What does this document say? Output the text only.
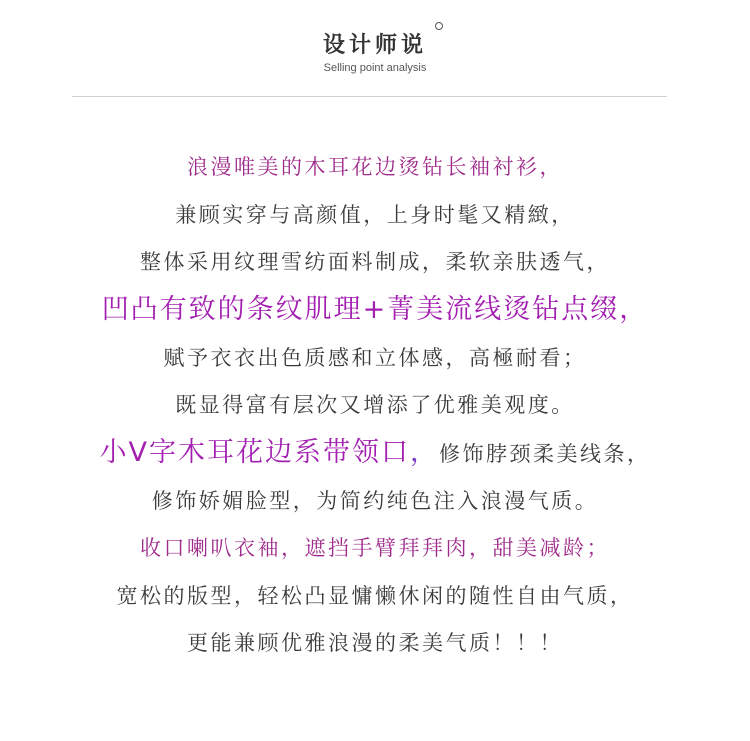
设计师说
Selling point analysis
浪漫唯美的木耳花边烫钻长袖衬衫，
兼顾实穿与高颜值，上身时髦又精緻，
整体采用纹理雪纺面料制成，柔软亲肤透气，
凹凸有致的条纹肌理+菁美流线烫钻点缀，
赋予衣衣出色质感和立体感，高極耐看；
既显得富有层次又增添了优雅美观度。
小V字木耳花边系带领口，修饰脖颈柔美线条，
修饰娇媚脸型，为简约纯色注入浪漫气质。
收口喇叭衣袖，遮挡手臂拜拜肉，甜美减龄；
宽松的版型，轻松凸显慵懒休闲的随性自由气质，
更能兼顾优雅浪漫的柔美气质！！！
